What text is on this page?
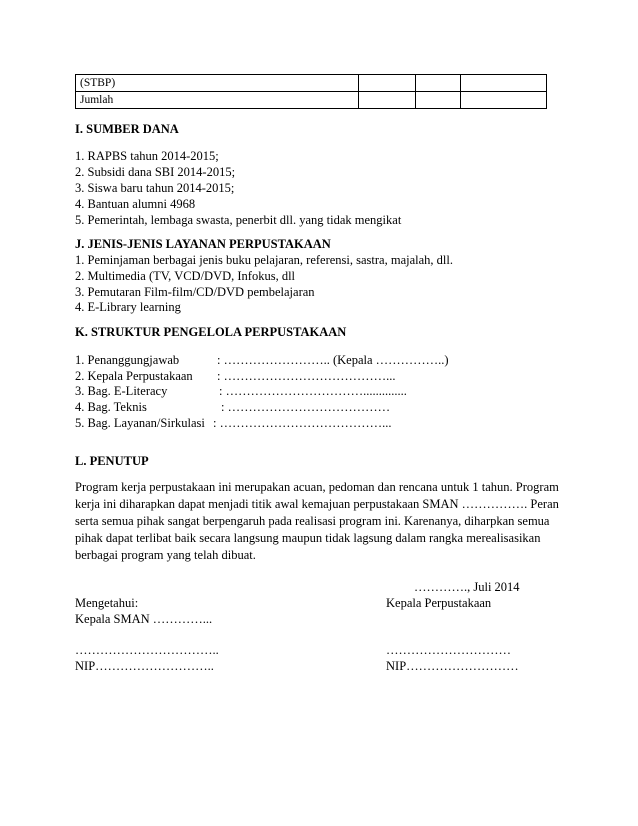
(STBP)			
Jumlah			
I. SUMBER DANA
1. RAPBS tahun 2014-2015;
2. Subsidi dana SBI 2014-2015;
3. Siswa baru tahun 2014-2015;
4. Bantuan alumni 4968
5. Pemerintah, lembaga swasta, penerbit dll. yang tidak mengikat
J. JENIS-JENIS LAYANAN PERPUSTAKAAN
1. Peminjaman berbagai jenis buku pelajaran, referensi, sastra, majalah, dll.
2. Multimedia (TV, VCD/DVD, Infokus, dll
3. Pemutaran Film-film/CD/DVD pembelajaran
4. E-Library learning
K. STRUKTUR PENGELOLA PERPUSTAKAAN
1. Penanggungjawab	: …………………….. (Kepala ……………..)
2. Kepala Perpustakaan : …………………………………...
3. Bag. E-Literacy	: ……………………………..............
4. Bag. Teknis	: …………………………………
5. Bag. Layanan/Sirkulasi : …………………………………...
L. PENUTUP
Program kerja perpustakaan ini merupakan acuan, pedoman dan rencana untuk 1 tahun. Program
kerja ini diharapkan dapat menjadi titik awal kemajuan perpustakaan SMAN ……………. Peran
serta semua pihak sangat berpengaruh pada realisasi program ini. Karenanya, diharpkan semua
pihak dapat terlibat baik secara langsung maupun tidak lagsung dalam rangka merealisasikan
berbagai program yang telah dibuat.
…………., Juli 2014
Mengetahui:	Kepala Perpustakaan
Kepala SMAN …………...
……………………………..	…………………………
NIP………………………..	NIP………………………
